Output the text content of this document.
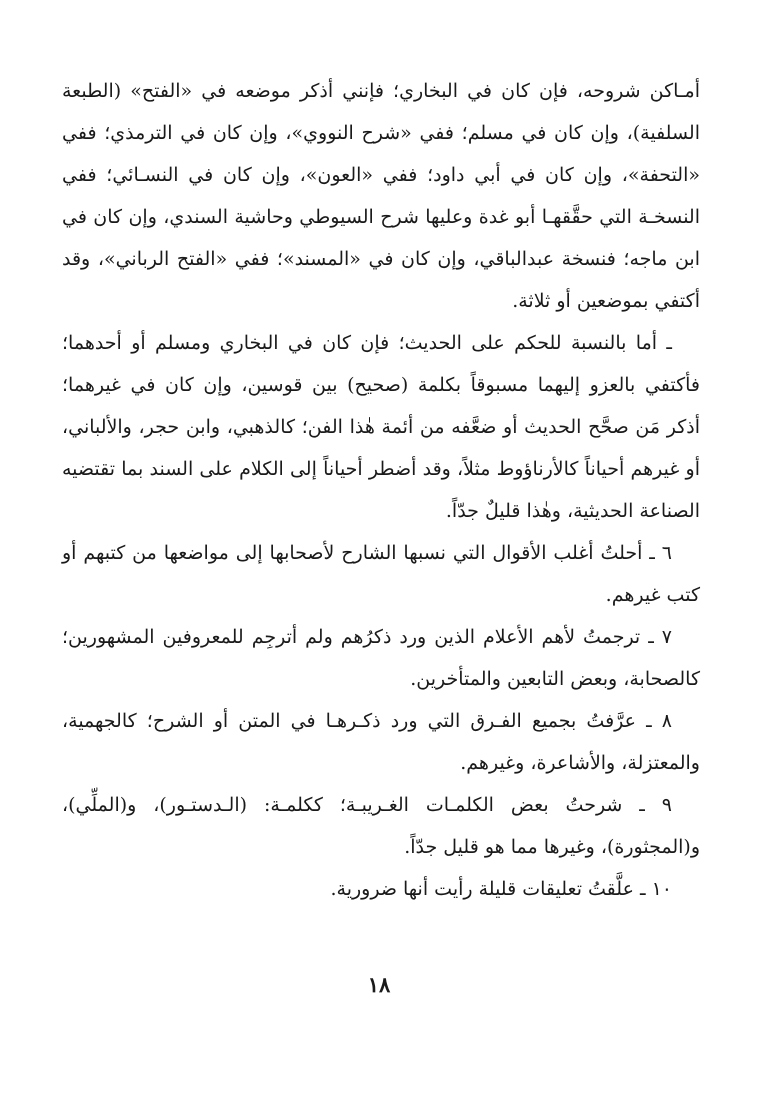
أمـاكن شروحه، فإن كان في البخاري؛ فإنني أذكر موضعه في «الفتح» (الطبعة السلفية)، وإن كان في مسلم؛ ففي «شرح النووي»، وإن كان في الترمذي؛ ففي «التحفة»، وإن كان في أبي داود؛ ففي «العون»، وإن كان في النسـائي؛ ففي النسخـة التي حقَّقهـا أبو غدة وعليها شرح السيوطي وحاشية السندي، وإن كان في ابن ماجه؛ فنسخة عبدالباقي، وإن كان في «المسند»؛ ففي «الفتح الرباني»، وقد أكتفي بموضعين أو ثلاثة.

ـ أما بالنسبة للحكم على الحديث؛ فإن كان في البخاري ومسلم أو أحدهما؛ فأكتفي بالعزو إليهما مسبوقاً بكلمة (صحيح) بين قوسين، وإن كان في غيرهما؛ أذكر مَن صحَّح الحديث أو ضعَّفه من أئمة هٰذا الفن؛ كالذهبي، وابن حجر، والألباني، أو غيرهم أحياناً كالأرناؤوط مثلاً، وقد أضطر أحياناً إلى الكلام على السند بما تقتضيه الصناعة الحديثية، وهٰذا قليلٌ جدّاً.

٦ ـ أحلتُ أغلب الأقوال التي نسبها الشارح لأصحابها إلى مواضعها من كتبهم أو كتب غيرهم.

٧ ـ ترجمتُ لأهم الأعلام الذين ورد ذكرُهم ولم أترجِم للمعروفين المشهورين؛ كالصحابة، وبعض التابعين والمتأخرين.

٨ ـ عرَّفتُ بجميع الفـرق التي ورد ذكـرهـا في المتن أو الشرح؛ كالجهمية، والمعتزلة، والأشاعرة، وغيرهم.

٩ ـ شرحتُ بعض الكلمـات الغـريبـة؛ ككلمـة: (الـدستـور)، و(الملِّي)، و(المجثورة)، وغيرها مما هو قليل جدّاً.

١٠ ـ علَّقتُ تعليقات قليلة رأيت أنها ضرورية.

١٨
